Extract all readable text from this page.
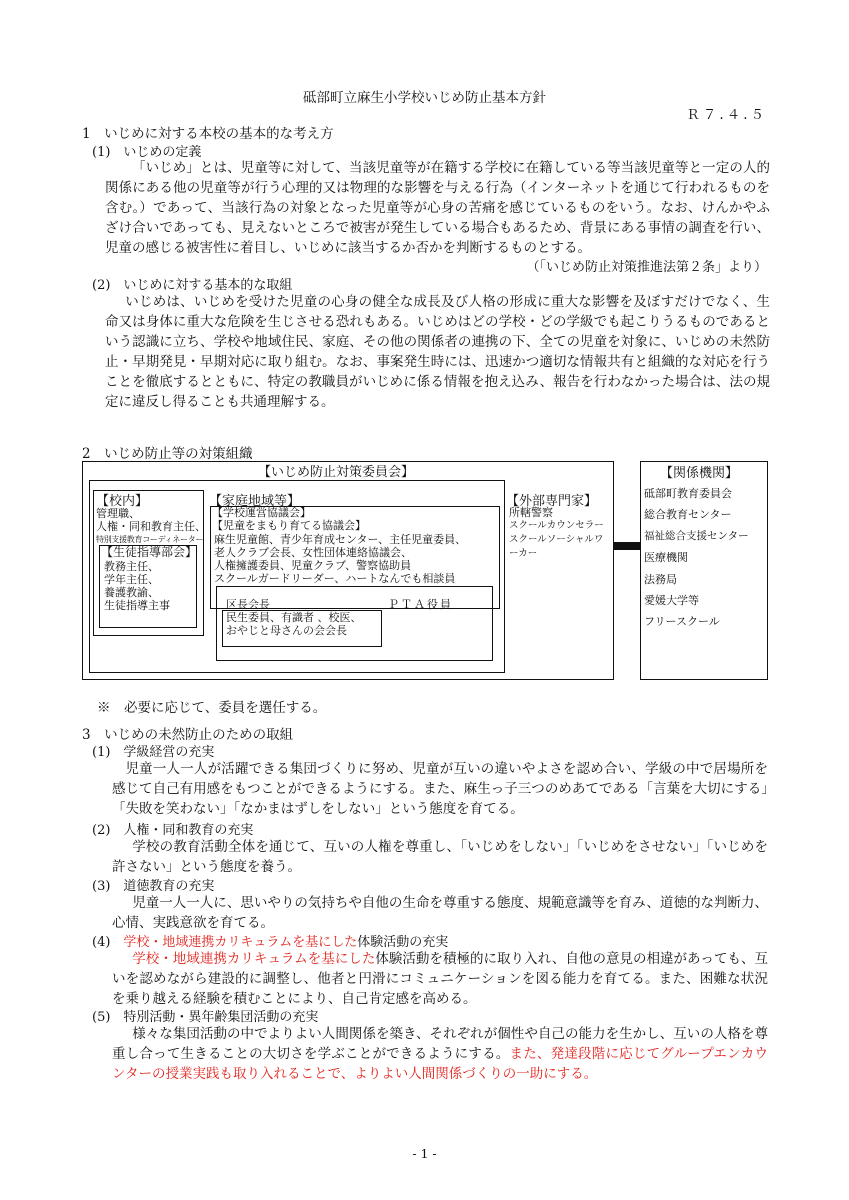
砥部町立麻生小学校いじめ防止基本方針
Ｒ７.４.５
1　いじめに対する本校の基本的な考え方
(1)　いじめの定義
「いじめ」とは、児童等に対して、当該児童等が在籍する学校に在籍している等当該児童等と一定の人的関係にある他の児童等が行う心理的又は物理的な影響を与える行為（インターネットを通じて行われるものを含む。）であって、当該行為の対象となった児童等が心身の苦痛を感じているものをいう。なお、けんかやふざけ合いであっても、見えないところで被害が発生している場合もあるため、背景にある事情の調査を行い、児童の感じる被害性に着目し、いじめに該当するか否かを判断するものとする。
（「いじめ防止対策推進法第２条」より）
(2)　いじめに対する基本的な取組
いじめは、いじめを受けた児童の心身の健全な成長及び人格の形成に重大な影響を及ぼすだけでなく、生命又は身体に重大な危険を生じさせる恐れもある。いじめはどの学校・どの学級でも起こりうるものであるという認識に立ち、学校や地域住民、家庭、その他の関係者の連携の下、全ての児童を対象に、いじめの未然防止・早期発見・早期対応に取り組む。なお、事案発生時には、迅速かつ適切な情報共有と組織的な対応を行うことを徹底するとともに、特定の教職員がいじめに係る情報を抱え込み、報告を行わなかった場合は、法の規定に違反し得ることも共通理解する。
2　いじめ防止等の対策組織
【いじめ防止対策委員会】
【校内】
管理職、
人権・同和教育主任、
特別支援教育コーディネーター
【生徒指導部会】
教務主任、
学年主任、
養護教諭、
生徒指導主事
【家庭地域等】
【学校運営協議会】
【児童をまもり育てる協議会】
麻生児童館、青少年育成センター、主任児童委員、
老人クラブ会長、女性団体連絡協議会、
人権擁護委員、児童クラブ、警察協助員
スクールガードリーダー、ハートなんでも相談員
区長会長	ＰＴＡ役員
民生委員、有識者 、校医、
おやじと母さんの会会長
【外部専門家】
所轄警察
スクールカウンセラー
スクールソーシャルワ
ーカー
【関係機関】
砥部町教育委員会
総合教育センター
福祉総合支援センター
医療機関
法務局
愛媛大学等
フリースクール
※　必要に応じて、委員を選任する。
3　いじめの未然防止のための取組
(1)　学級経営の充実
児童一人一人が活躍できる集団づくりに努め、児童が互いの違いやよさを認め合い、学級の中で居場所を感じて自己有用感をもつことができるようにする。また、麻生っ子三つのめあてである「言葉を大切にする」「失敗を笑わない」「なかまはずしをしない」という態度を育てる。
(2)　人権・同和教育の充実
学校の教育活動全体を通じて、互いの人権を尊重し、「いじめをしない」「いじめをさせない」「いじめを許さない」という態度を養う。
(3)　道徳教育の充実
児童一人一人に、思いやりの気持ちや自他の生命を尊重する態度、規範意識等を育み、道徳的な判断力、心情、実践意欲を育てる。
(4)　学校・地域連携カリキュラムを基にした体験活動の充実
学校・地域連携カリキュラムを基にした体験活動を積極的に取り入れ、自他の意見の相違があっても、互いを認めながら建設的に調整し、他者と円滑にコミュニケーションを図る能力を育てる。また、困難な状況を乗り越える経験を積むことにより、自己肯定感を高める。
(5)　特別活動・異年齢集団活動の充実
様々な集団活動の中でよりよい人間関係を築き、それぞれが個性や自己の能力を生かし、互いの人格を尊重し合って生きることの大切さを学ぶことができるようにする。また、発達段階に応じてグループエンカウンターの授業実践も取り入れることで、よりよい人間関係づくりの一助にする。
- 1 -
